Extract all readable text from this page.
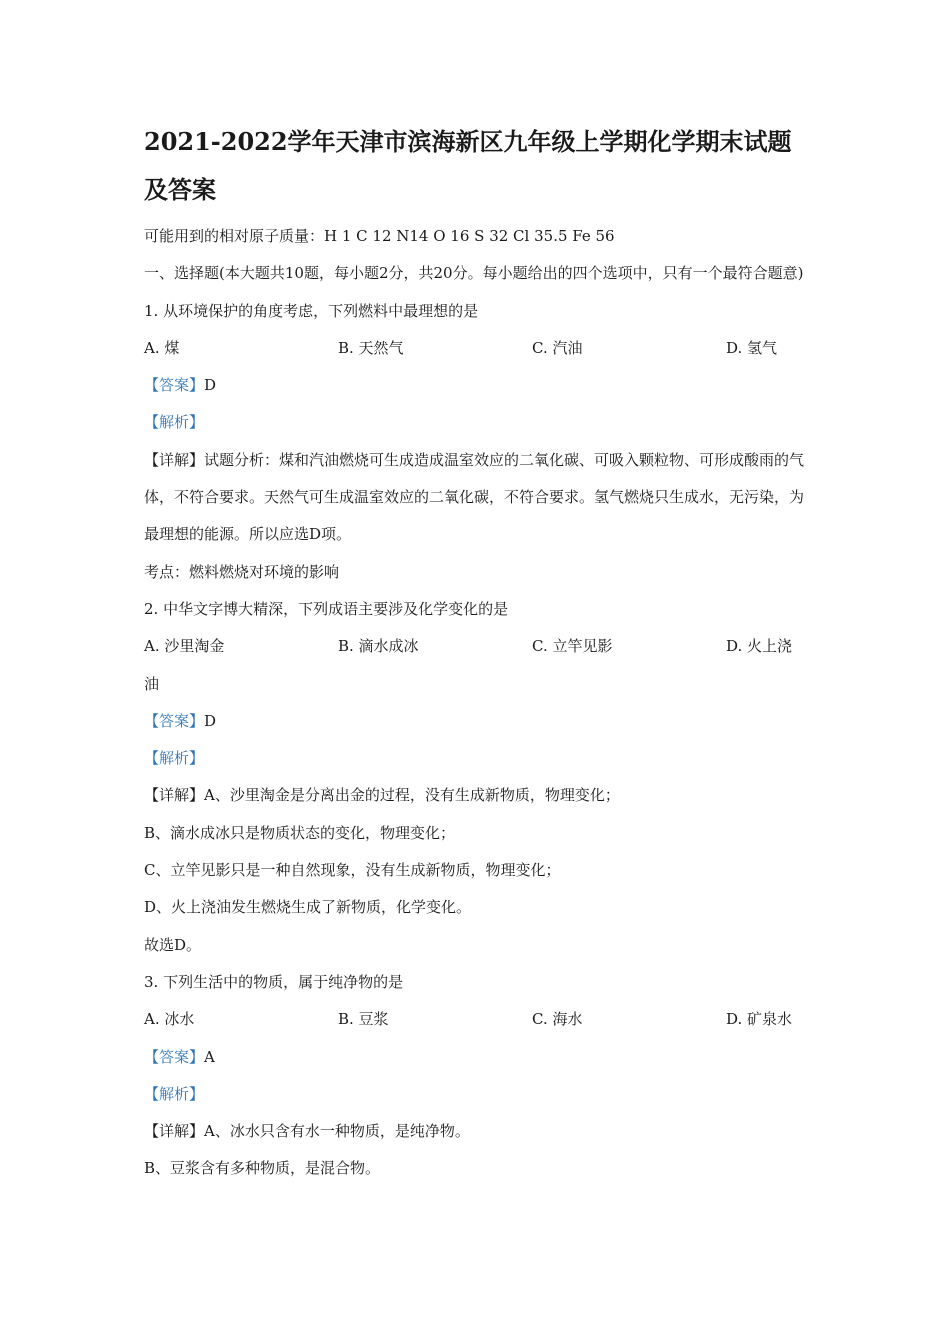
2021-2022学年天津市滨海新区九年级上学期化学期末试题及答案
可能用到的相对原子质量：H 1 C 12 N14 O 16 S 32 Cl 35.5 Fe 56
一、选择题(本大题共10题，每小题2分，共20分。每小题给出的四个选项中，只有一个最符合题意)
1. 从环境保护的角度考虑，下列燃料中最理想的是
A. 煤	B. 天然气	C. 汽油	D. 氢气
【答案】D
【解析】
【详解】试题分析：煤和汽油燃烧可生成造成温室效应的二氧化碳、可吸入颗粒物、可形成酸雨的气体，不符合要求。天然气可生成温室效应的二氧化碳，不符合要求。氢气燃烧只生成水，无污染，为最理想的能源。所以应选D项。
考点：燃料燃烧对环境的影响
2. 中华文字博大精深，下列成语主要涉及化学变化的是
A. 沙里淘金	B. 滴水成冰	C. 立竿见影	D. 火上浇
油
【答案】D
【解析】
【详解】A、沙里淘金是分离出金的过程，没有生成新物质，物理变化；
B、滴水成冰只是物质状态的变化，物理变化；
C、立竿见影只是一种自然现象，没有生成新物质，物理变化；
D、火上浇油发生燃烧生成了新物质，化学变化。
故选D。
3. 下列生活中的物质，属于纯净物的是
A. 冰水	B. 豆浆	C. 海水	D. 矿泉水
【答案】A
【解析】
【详解】A、冰水只含有水一种物质，是纯净物。
B、豆浆含有多种物质，是混合物。
